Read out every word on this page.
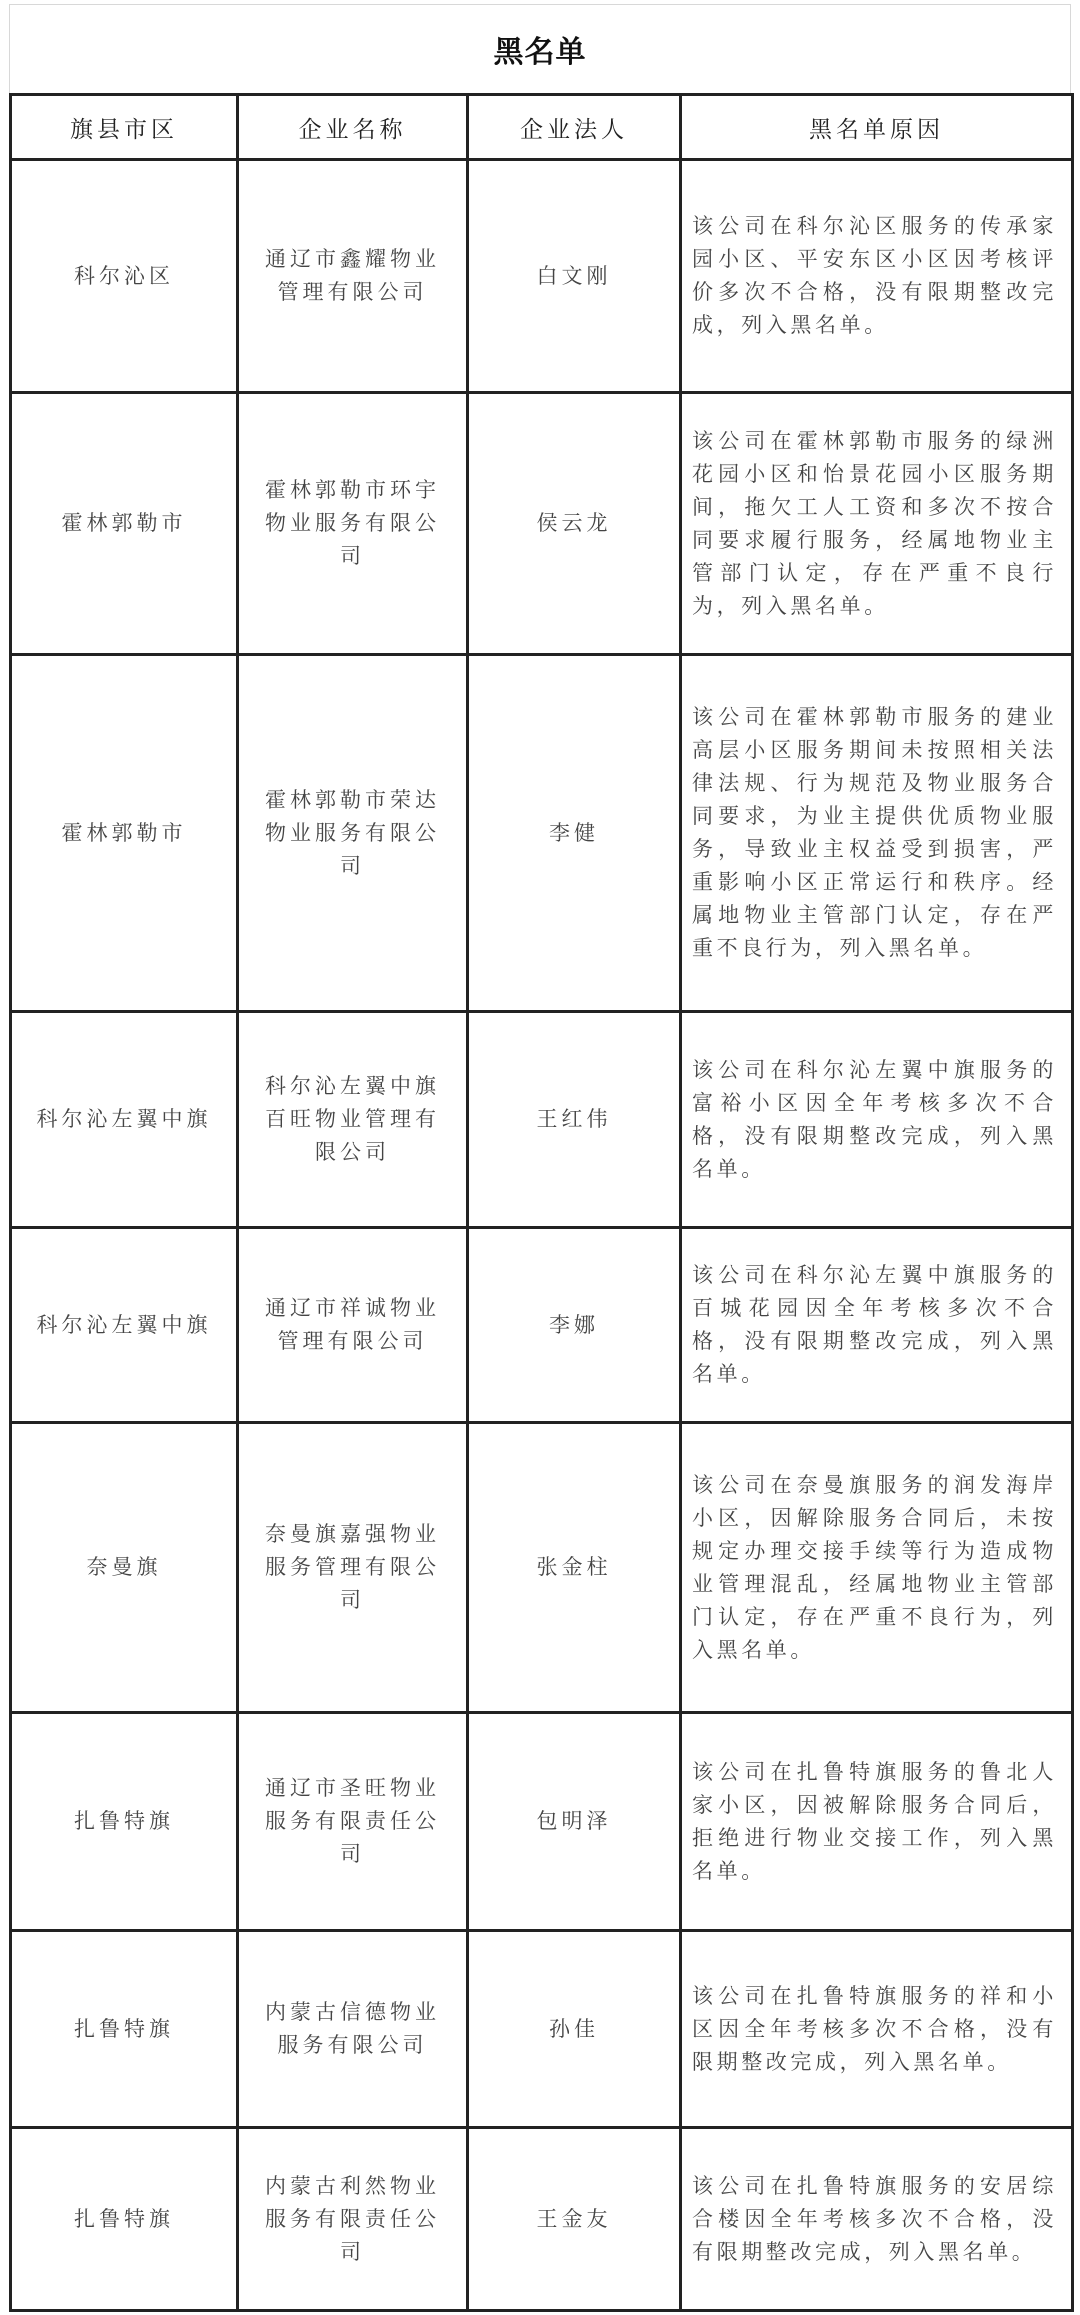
黑名单
旗县市区	企业名称	企业法人	黑名单原因
科尔沁区	通辽市鑫耀物业管理有限公司	白文刚	该公司在科尔沁区服务的传承家园小区、平安东区小区因考核评价多次不合格，没有限期整改完成，列入黑名单。
霍林郭勒市	霍林郭勒市环宇物业服务有限公司	侯云龙	该公司在霍林郭勒市服务的绿洲花园小区和怡景花园小区服务期间，拖欠工人工资和多次不按合同要求履行服务，经属地物业主管部门认定，存在严重不良行为，列入黑名单。
霍林郭勒市	霍林郭勒市荣达物业服务有限公司	李健	该公司在霍林郭勒市服务的建业高层小区服务期间未按照相关法律法规、行为规范及物业服务合同要求，为业主提供优质物业服务，导致业主权益受到损害，严重影响小区正常运行和秩序。经属地物业主管部门认定，存在严重不良行为，列入黑名单。
科尔沁左翼中旗	科尔沁左翼中旗百旺物业管理有限公司	王红伟	该公司在科尔沁左翼中旗服务的富裕小区因全年考核多次不合格，没有限期整改完成，列入黑名单。
科尔沁左翼中旗	通辽市祥诚物业管理有限公司	李娜	该公司在科尔沁左翼中旗服务的百城花园因全年考核多次不合格，没有限期整改完成，列入黑名单。
奈曼旗	奈曼旗嘉强物业服务管理有限公司	张金柱	该公司在奈曼旗服务的润发海岸小区，因解除服务合同后，未按规定办理交接手续等行为造成物业管理混乱，经属地物业主管部门认定，存在严重不良行为，列入黑名单。
扎鲁特旗	通辽市圣旺物业服务有限责任公司	包明泽	该公司在扎鲁特旗服务的鲁北人家小区，因被解除服务合同后，拒绝进行物业交接工作，列入黑名单。
扎鲁特旗	内蒙古信德物业服务有限公司	孙佳	该公司在扎鲁特旗服务的祥和小区因全年考核多次不合格，没有限期整改完成，列入黑名单。
扎鲁特旗	内蒙古利然物业服务有限责任公司	王金友	该公司在扎鲁特旗服务的安居综合楼因全年考核多次不合格，没有限期整改完成，列入黑名单。
